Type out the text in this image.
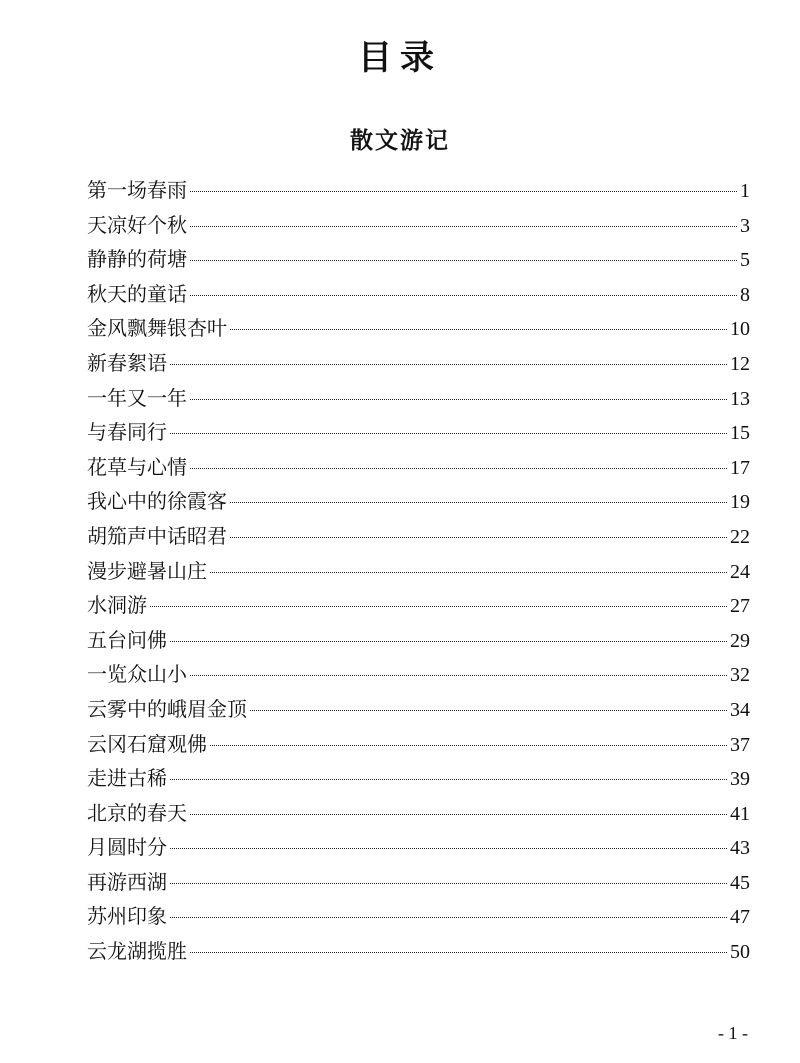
目录
散文游记
第一场春雨	1
天凉好个秋	3
静静的荷塘	5
秋天的童话	8
金风飘舞银杏叶	10
新春絮语	12
一年又一年	13
与春同行	15
花草与心情	17
我心中的徐霞客	19
胡笳声中话昭君	22
漫步避暑山庄	24
水洞游	27
五台问佛	29
一览众山小	32
云雾中的峨眉金顶	34
云冈石窟观佛	37
走进古稀	39
北京的春天	41
月圆时分	43
再游西湖	45
苏州印象	47
云龙湖揽胜	50
- 1 -
